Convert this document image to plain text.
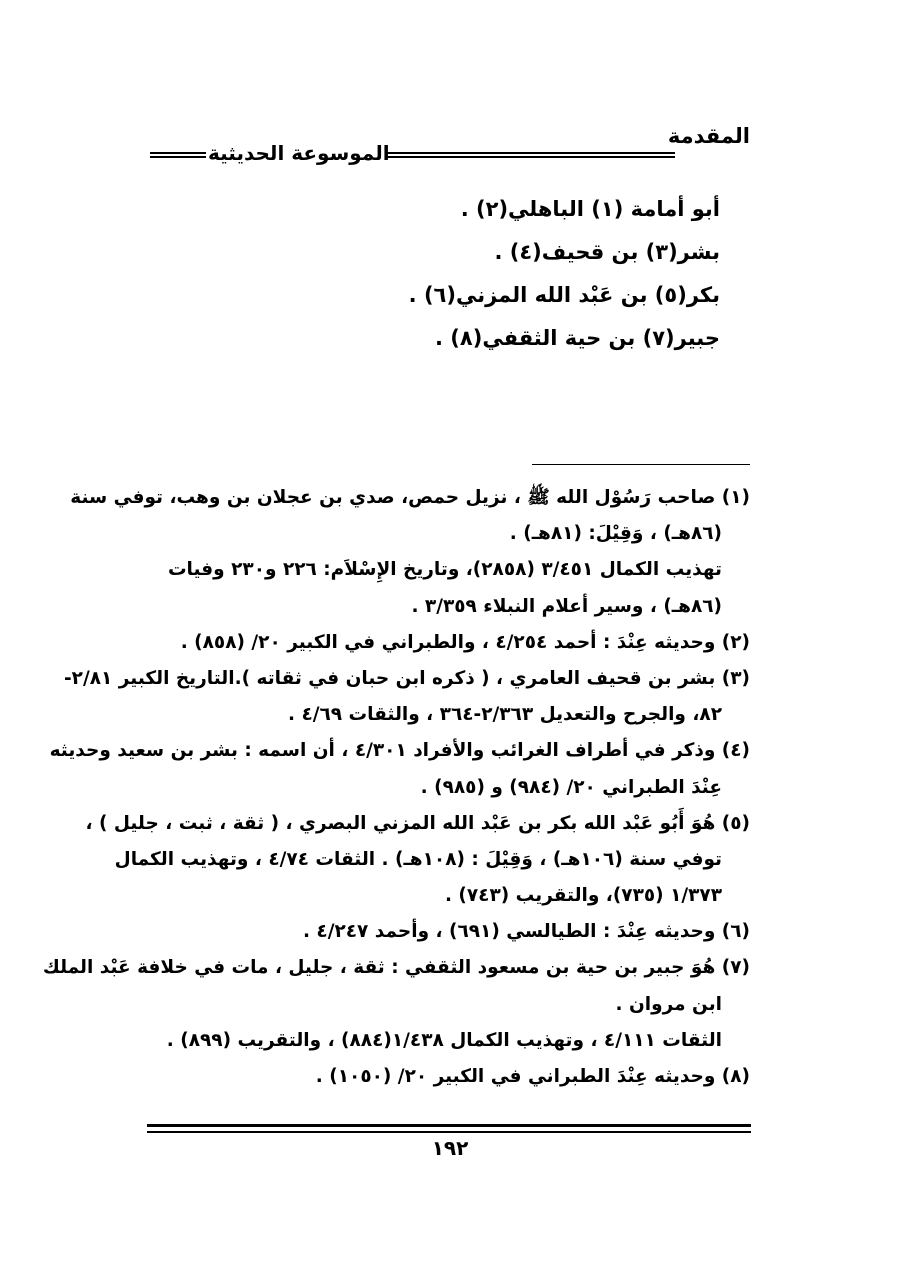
المقدمة
الموسوعة الحديثية
أبو أمامة (١) الباهلي(٢) .
بشر(٣) بن قحيف(٤) .
بكر(٥) بن عَبْد الله المزني(٦) .
جبير(٧) بن حية الثقفي(٨) .
(١) صاحب رَسُوْل الله ﷺ ، نزيل حمص، صدي بن عجلان بن وهب، توفي سنة
(٨٦هـ) ، وَقِيْلَ: (٨١هـ) .
تهذيب الكمال ٣/٤٥١ (٢٨٥٨)، وتاريخ الإِسْلاَم: ٢٢٦ و٢٣٠ وفيات
(٨٦هـ) ، وسير أعلام النبلاء ٣/٣٥٩ .
(٢) وحديثه عِنْدَ : أحمد ٤/٢٥٤ ، والطبراني في الكبير ٢٠/ (٨٥٨) .
(٣) بشر بن قحيف العامري ، ( ذكره ابن حبان في ثقاته ).التاريخ الكبير ٢/٨١-
٨٢، والجرح والتعديل ٢/٣٦٣-٣٦٤ ، والثقات ٤/٦٩ .
(٤) وذكر في أطراف الغرائب والأفراد ٤/٣٠١ ، أن اسمه : بشر بن سعيد وحديثه
عِنْدَ الطبراني ٢٠/ (٩٨٤) و (٩٨٥) .
(٥) هُوَ أَبُو عَبْد الله بكر بن عَبْد الله المزني البصري ، ( ثقة ، ثبت ، جليل ) ،
توفي سنة (١٠٦هـ) ، وَقِيْلَ : (١٠٨هـ) . الثقات ٤/٧٤ ، وتهذيب الكمال
١/٣٧٣ (٧٣٥)، والتقريب (٧٤٣) .
(٦) وحديثه عِنْدَ : الطيالسي (٦٩١) ، وأحمد ٤/٢٤٧ .
(٧) هُوَ جبير بن حية بن مسعود الثقفي : ثقة ، جليل ، مات في خلافة عَبْد الملك
ابن مروان .
الثقات ٤/١١١ ، وتهذيب الكمال ١/٤٣٨(٨٨٤) ، والتقريب (٨٩٩) .
(٨) وحديثه عِنْدَ الطبراني في الكبير ٢٠/ (١٠٥٠) .
١٩٢
